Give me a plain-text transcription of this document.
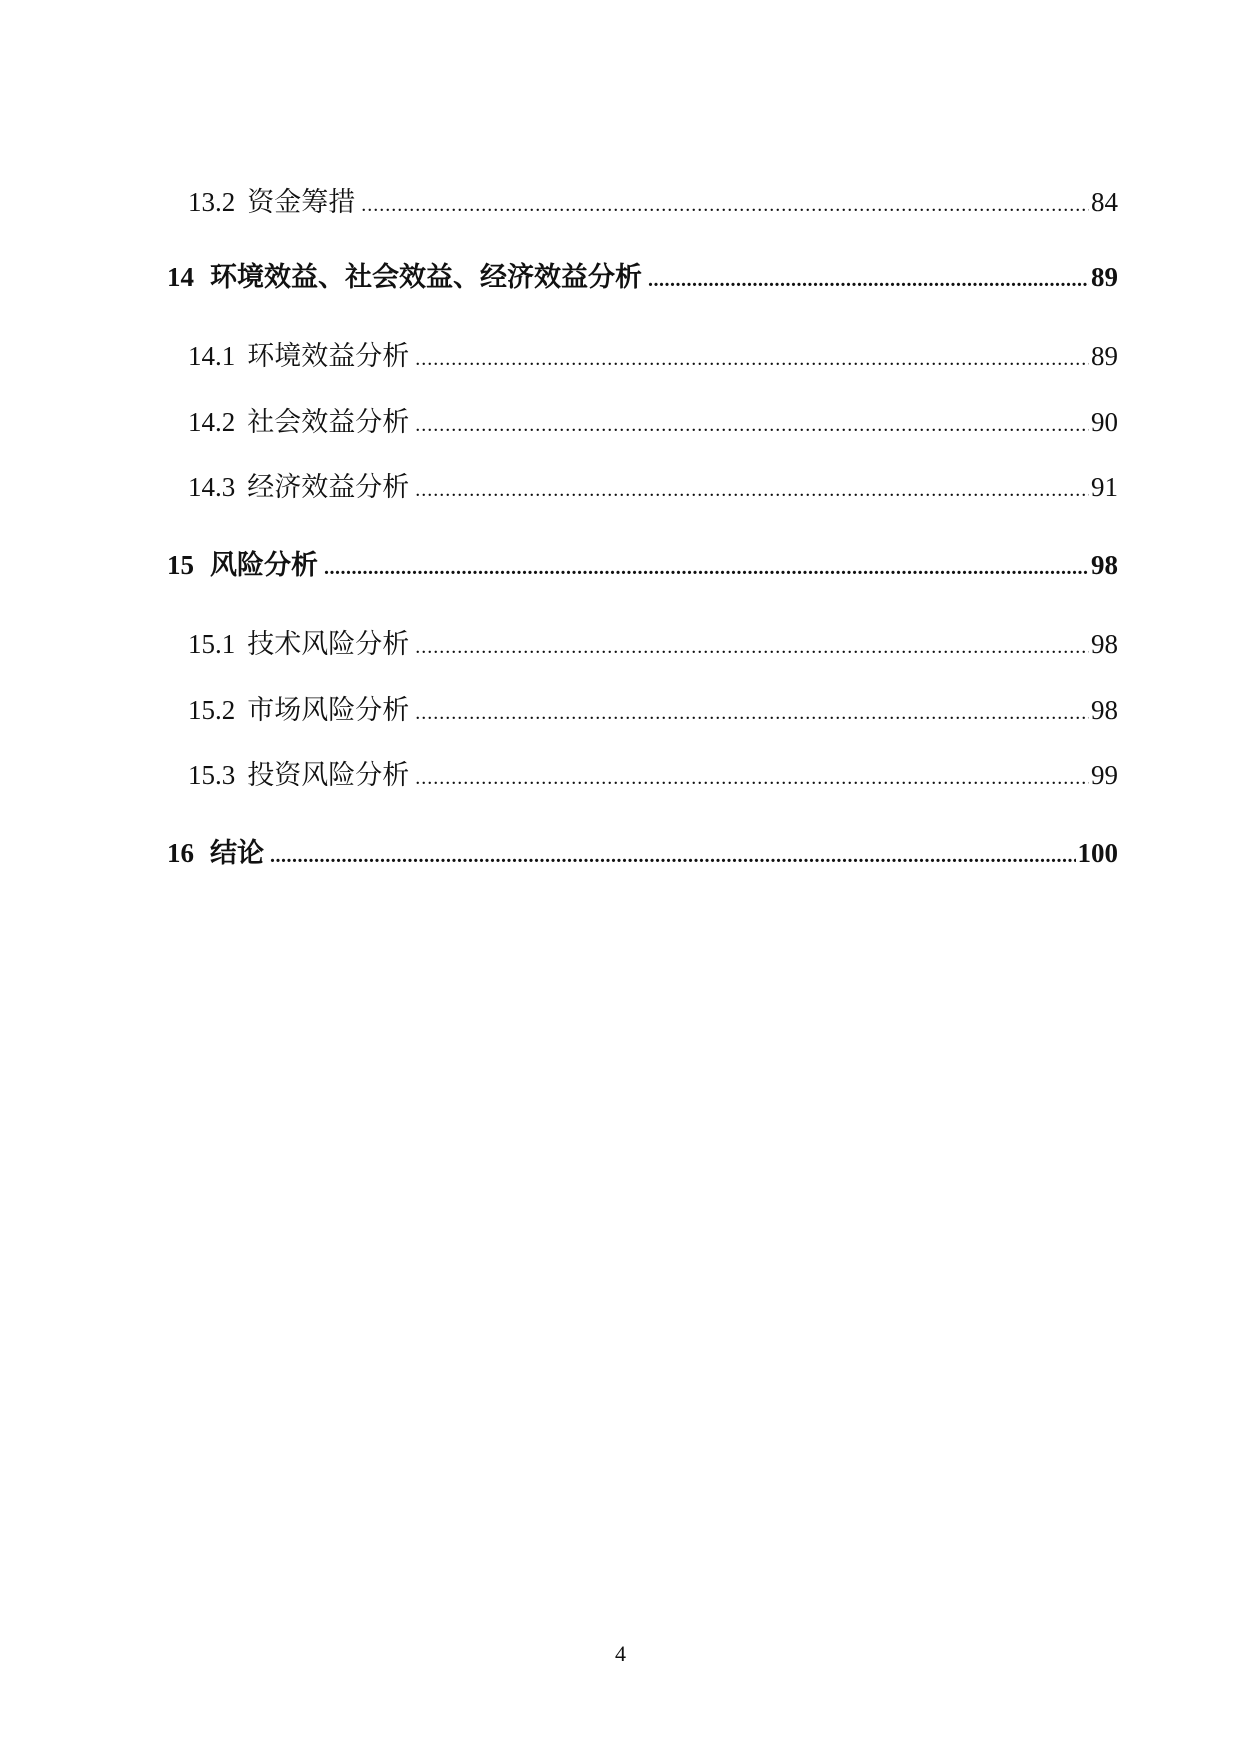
13.2 资金筹措 .....	84
14 环境效益、社会效益、经济效益分析 .....	89
14.1 环境效益分析 .....	89
14.2 社会效益分析 .....	90
14.3 经济效益分析 .....	91
15 风险分析 .....	98
15.1 技术风险分析 .....	98
15.2 市场风险分析 .....	98
15.3 投资风险分析 .....	99
16 结论 .....	100
4
